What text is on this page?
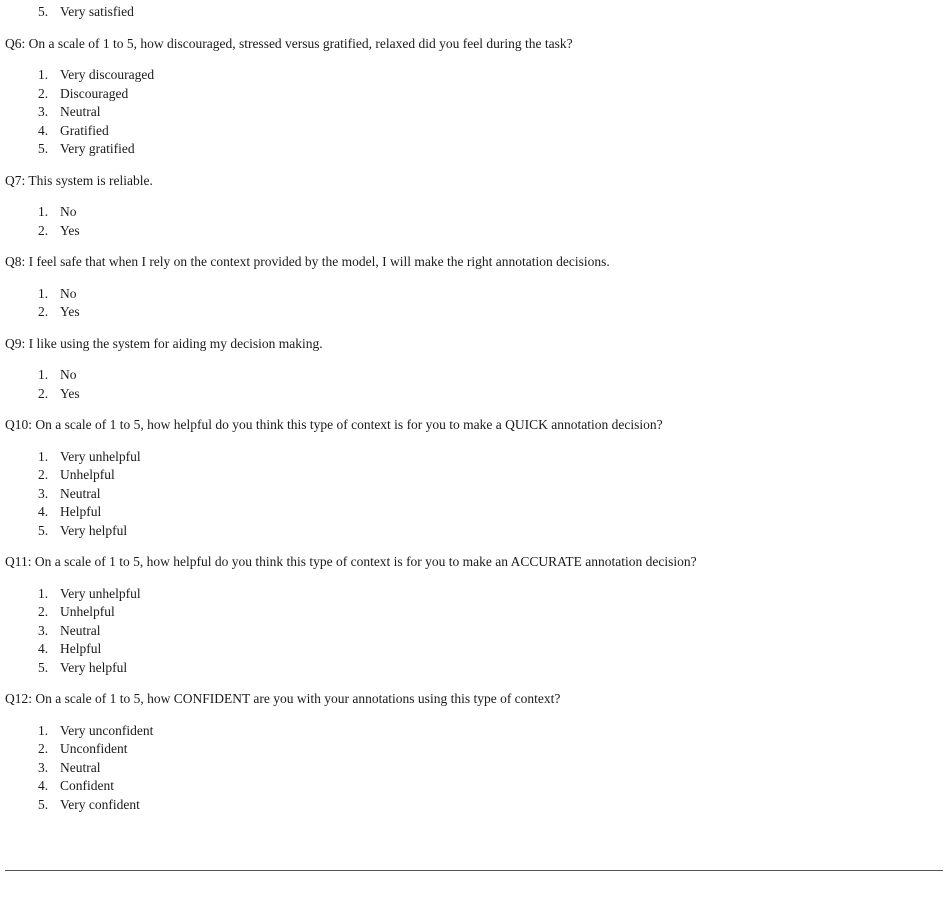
5. Very satisfied

Q6: On a scale of 1 to 5, how discouraged, stressed versus gratified, relaxed did you feel during the task?

1. Very discouraged
2. Discouraged
3. Neutral
4. Gratified
5. Very gratified

Q7: This system is reliable.

1. No
2. Yes

Q8: I feel safe that when I rely on the context provided by the model, I will make the right annotation decisions.

1. No
2. Yes

Q9: I like using the system for aiding my decision making.

1. No
2. Yes

Q10: On a scale of 1 to 5, how helpful do you think this type of context is for you to make a QUICK annotation decision?

1. Very unhelpful
2. Unhelpful
3. Neutral
4. Helpful
5. Very helpful

Q11: On a scale of 1 to 5, how helpful do you think this type of context is for you to make an ACCURATE annotation decision?

1. Very unhelpful
2. Unhelpful
3. Neutral
4. Helpful
5. Very helpful

Q12: On a scale of 1 to 5, how CONFIDENT are you with your annotations using this type of context?

1. Very unconfident
2. Unconfident
3. Neutral
4. Confident
5. Very confident
